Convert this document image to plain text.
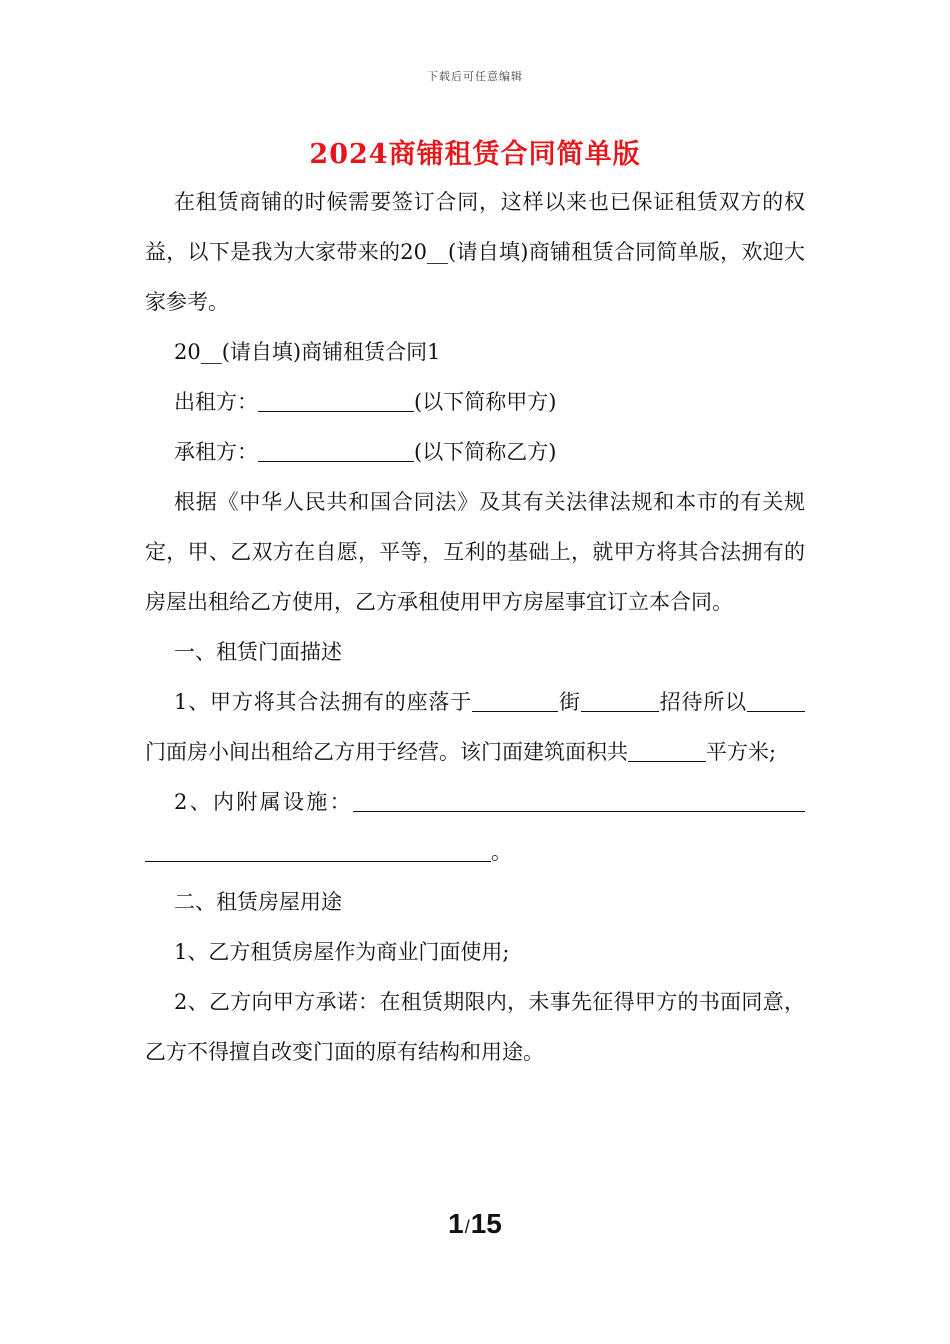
下载后可任意编辑
2024商铺租赁合同简单版

在租赁商铺的时候需要签订合同，这样以来也已保证租赁双方的权益，以下是我为大家带来的20__(请自填)商铺租赁合同简单版，欢迎大家参考。

20__(请自填)商铺租赁合同1

出租方：	(以下简称甲方)

承租方：	(以下简称乙方)

根据《中华人民共和国合同法》及其有关法律法规和本市的有关规定，甲、乙双方在自愿，平等，互利的基础上，就甲方将其合法拥有的房屋出租给乙方使用，乙方承租使用甲方房屋事宜订立本合同。

一、租赁门面描述

1、甲方将其合法拥有的座落于	街	招待所以门面房小间出租给乙方用于经营。该门面建筑面积共	平方米;

2、内附属设施：。

二、租赁房屋用途

1、乙方租赁房屋作为商业门面使用;

2、乙方向甲方承诺：在租赁期限内，未事先征得甲方的书面同意，乙方不得擅自改变门面的原有结构和用途。

1/15
